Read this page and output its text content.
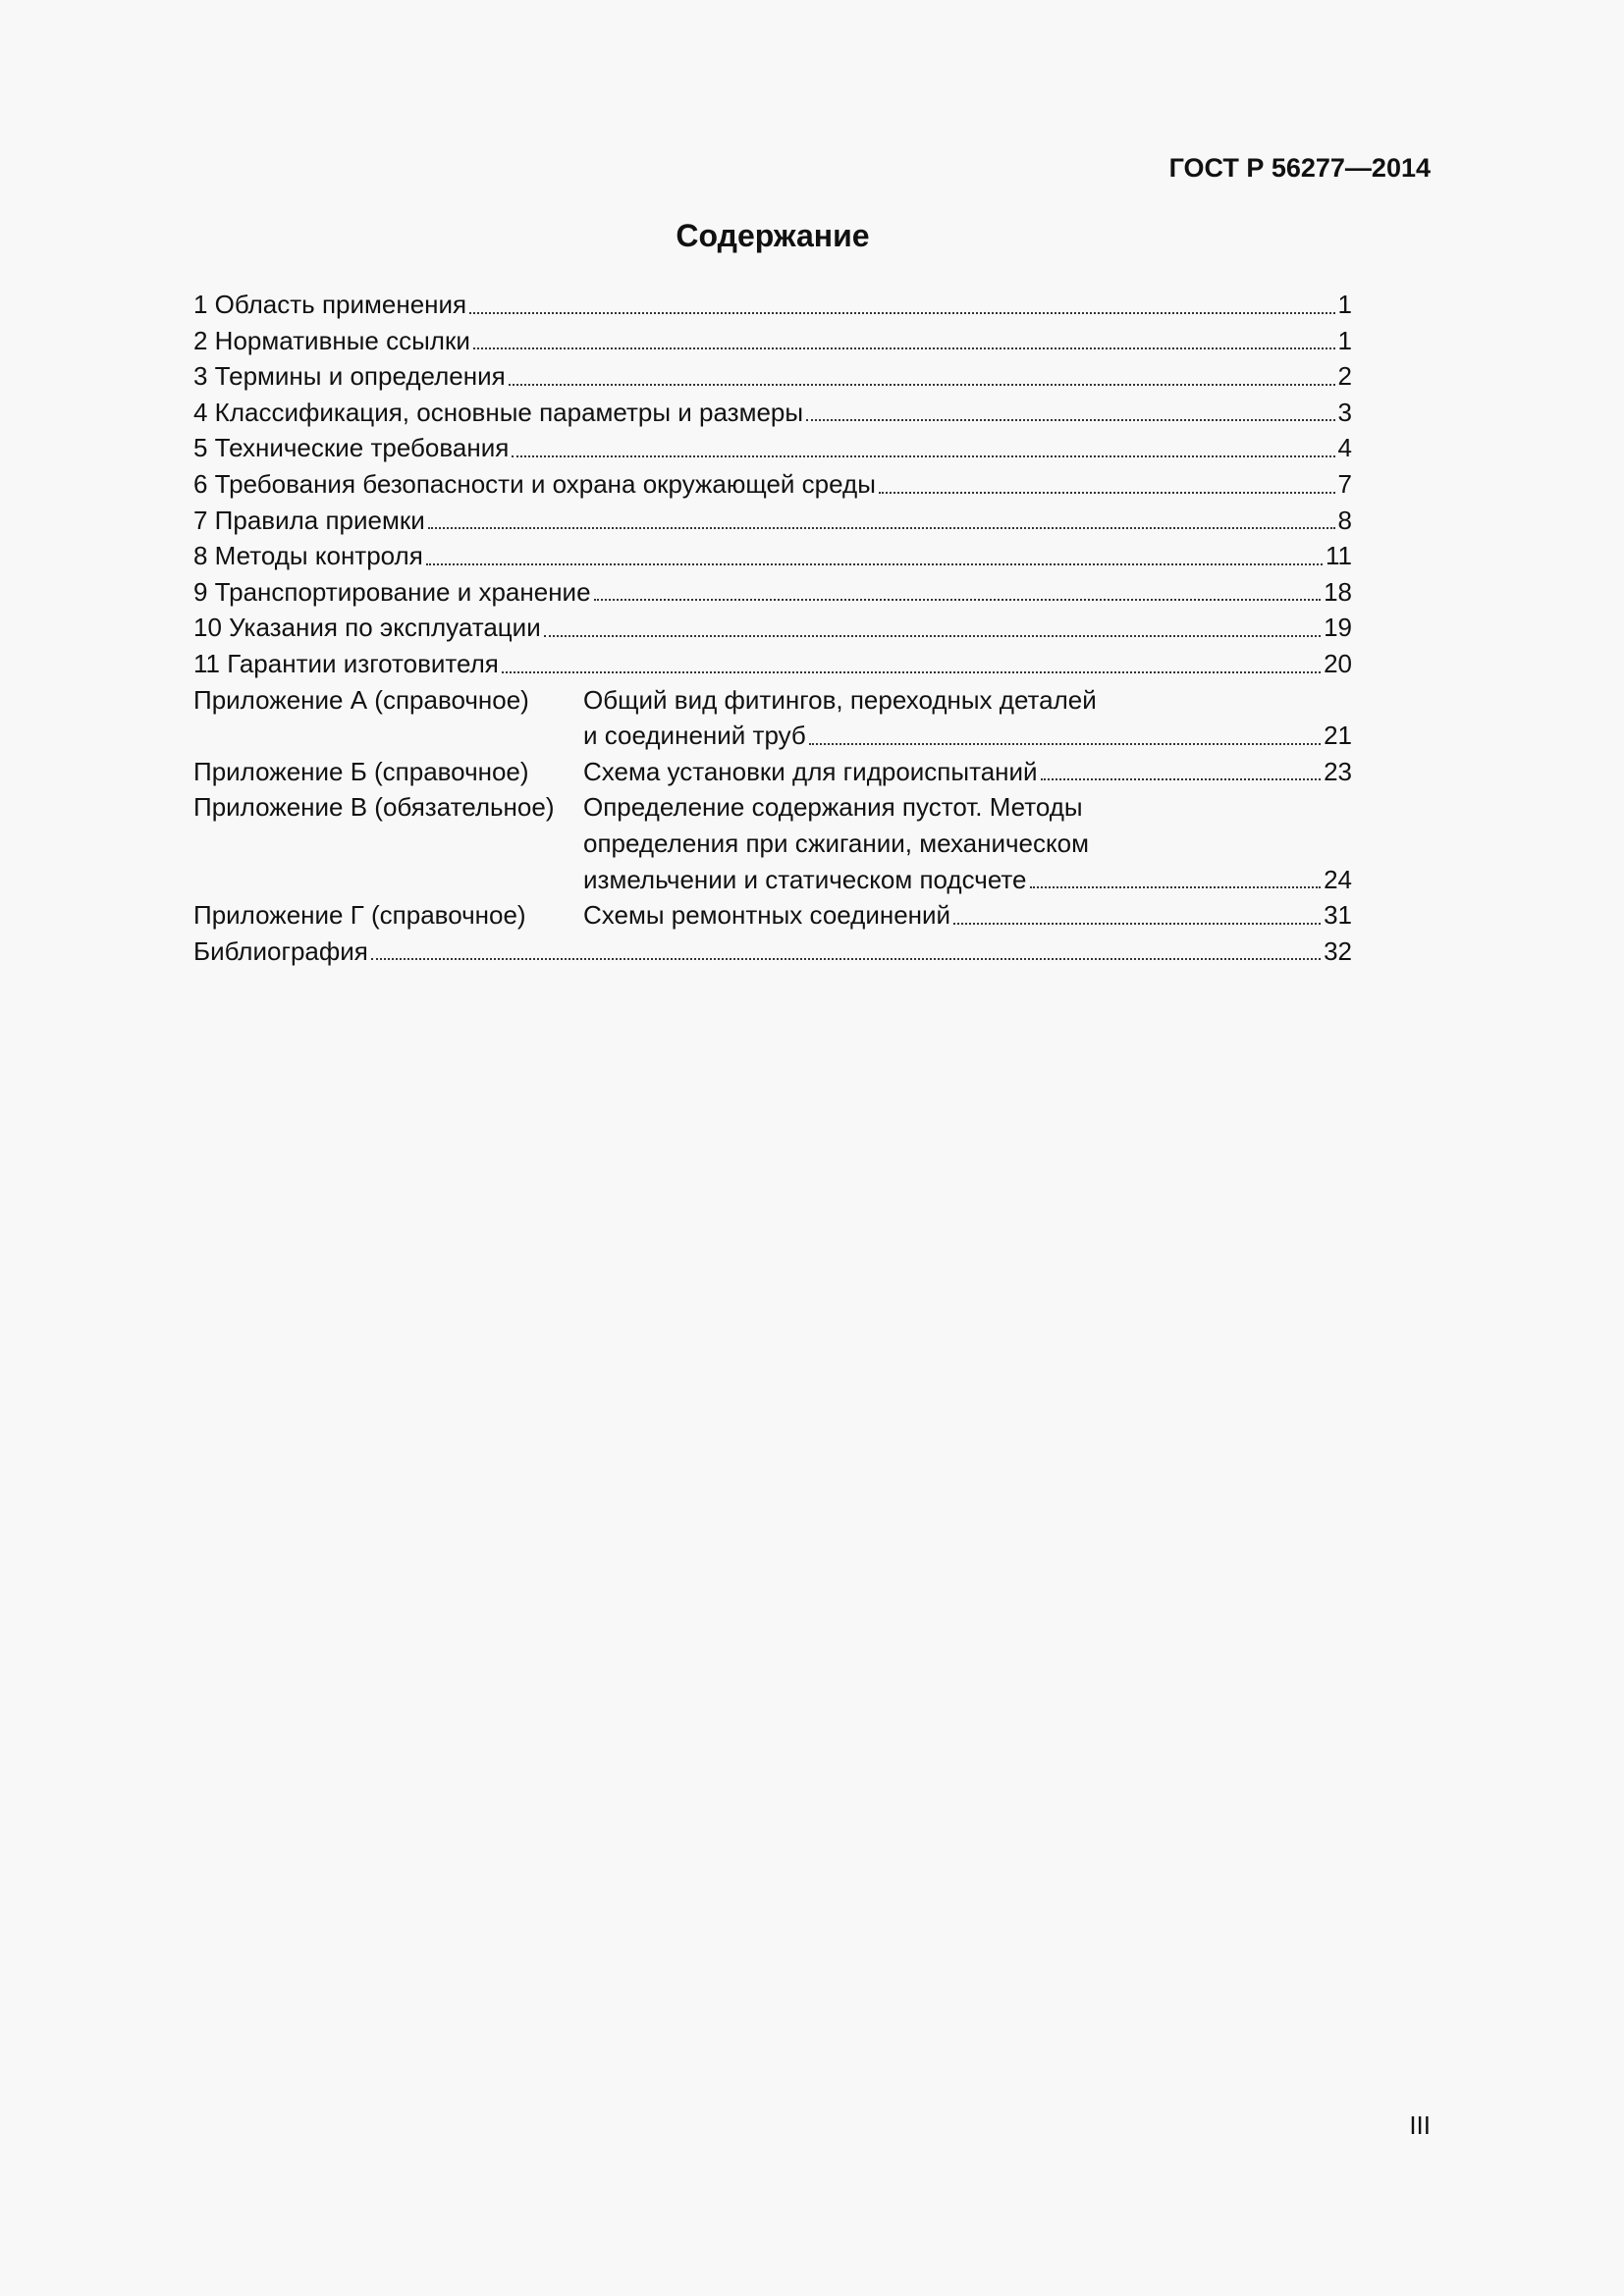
ГОСТ Р 56277—2014
Содержание
1 Область применения	1
2 Нормативные ссылки	1
3 Термины и определения	2
4 Классификация, основные параметры и размеры	3
5 Технические требования	4
6 Требования безопасности и охрана окружающей среды	7
7 Правила приемки	8
8 Методы контроля	11
9 Транспортирование и хранение	18
10 Указания по эксплуатации	19
11 Гарантии изготовителя	20
Приложение А (справочное) Общий вид фитингов, переходных деталей
и соединений труб	21
Приложение Б (справочное) Схема установки для гидроиспытаний	23
Приложение В (обязательное) Определение содержания пустот. Методы
определения при сжигании, механическом
измельчении и статическом подсчете	24
Приложение Г (справочное) Схемы ремонтных соединений	31
Библиография	32
III
